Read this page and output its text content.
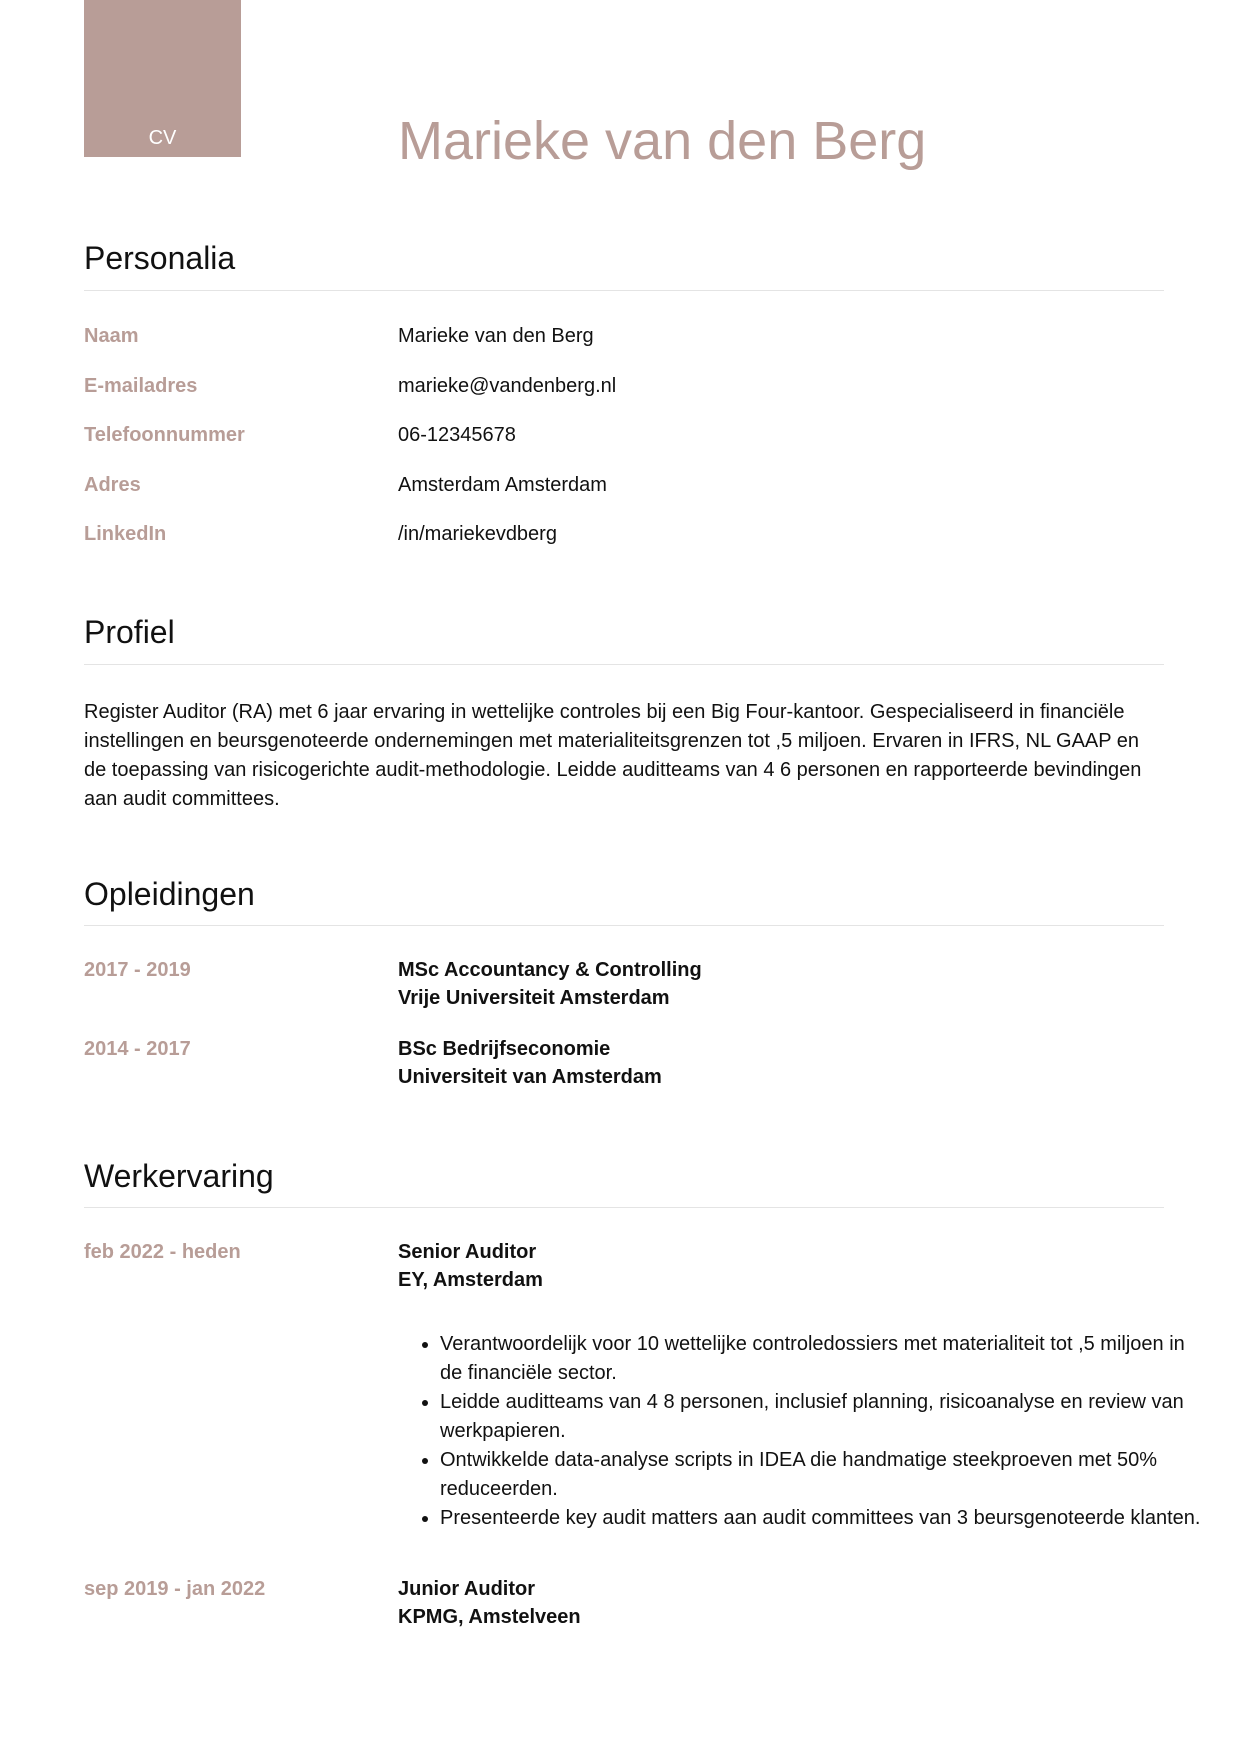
CV	Marieke van den Berg
Personalia
Naam	Marieke van den Berg
E-mailadres	marieke@vandenberg.nl
Telefoonnummer	06-12345678
Adres	Amsterdam Amsterdam
LinkedIn	/in/mariekevdberg
Profiel

Register Auditor (RA) met 6 jaar ervaring in wettelijke controles bij een Big Four-kantoor. Gespecialiseerd in financiële instellingen en beursgenoteerde ondernemingen met materialiteitsgrenzen tot ,5 miljoen. Ervaren in IFRS, NL GAAP en de toepassing van risicogerichte audit-methodologie. Leidde auditteams van 4 6 personen en rapporteerde bevindingen aan audit committees.

Opleidingen
2017 - 2019	MSc Accountancy & Controlling
Vrije Universiteit Amsterdam
2014 - 2017	BSc Bedrijfseconomie
Universiteit van Amsterdam
Werkervaring
feb 2022 - heden	Senior Auditor
EY, Amsterdam
• Verantwoordelijk voor 10 wettelijke controledossiers met materialiteit tot ,5 miljoen in de financiële sector.
• Leidde auditteams van 4 8 personen, inclusief planning, risicoanalyse en review van werkpapieren.
• Ontwikkelde data-analyse scripts in IDEA die handmatige steekproeven met 50% reduceerden.
• Presenteerde key audit matters aan audit committees van 3 beursgenoteerde klanten.
sep 2019 - jan 2022	Junior Auditor
KPMG, Amstelveen
